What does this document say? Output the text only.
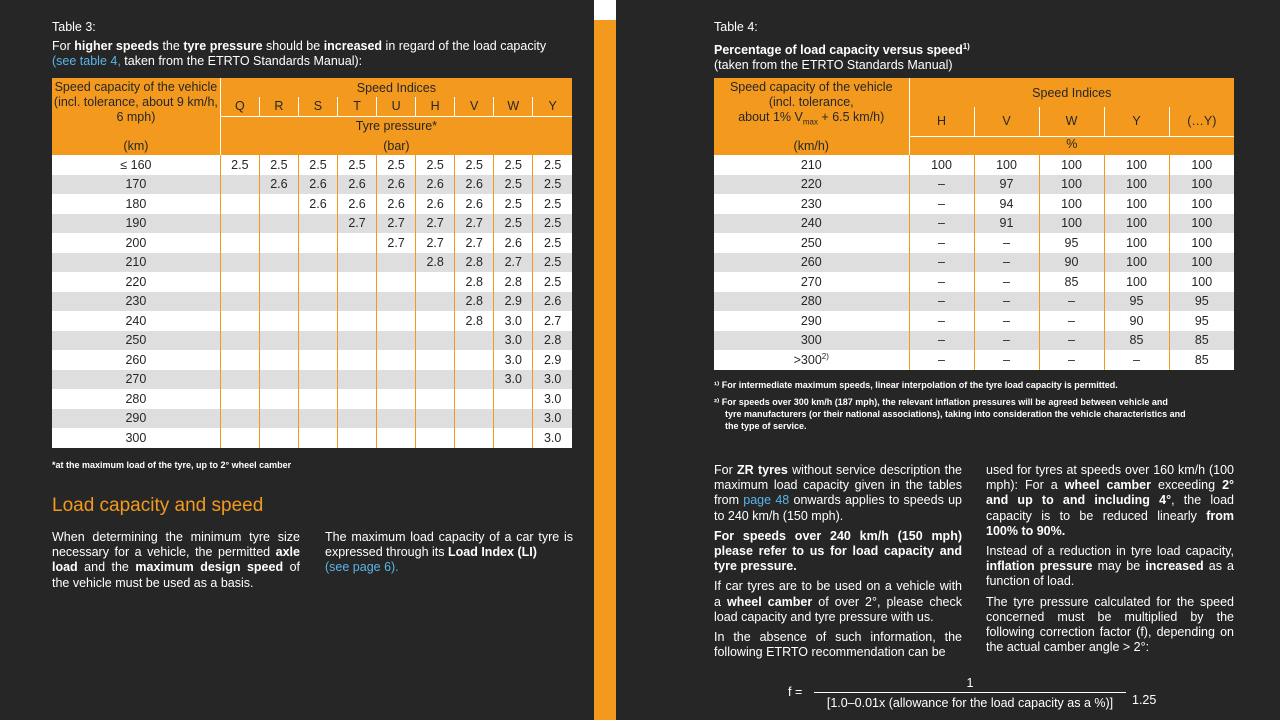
Table 3:
For higher speeds the tyre pressure should be increased in regard of the load capacity
(see table 4, taken from the ETRTO Standards Manual):
Speed capacity of the vehicle (incl. tolerance, about 9 km/h, 6 mph)	Speed Indices								
	Q	R	S	T	U	H	V	W	Y
	Tyre pressure*								
(km)	(bar)								
≤ 160	2.5	2.5	2.5	2.5	2.5	2.5	2.5	2.5	2.5
170		2.6	2.6	2.6	2.6	2.6	2.6	2.5	2.5
180			2.6	2.6	2.6	2.6	2.6	2.5	2.5
190				2.7	2.7	2.7	2.7	2.5	2.5
200					2.7	2.7	2.7	2.6	2.5
210						2.8	2.8	2.7	2.5
220							2.8	2.8	2.5
230							2.8	2.9	2.6
240							2.8	3.0	2.7
250								3.0	2.8
260								3.0	2.9
270								3.0	3.0
280									3.0
290									3.0
300									3.0
*at the maximum load of the tyre, up to 2° wheel camber
Load capacity and speed
When determining the minimum tyre size necessary for a vehicle, the permitted axle load and the maximum design speed of the vehicle must be used as a basis.
The maximum load capacity of a car tyre is expressed through its Load Index (LI)
(see page 6).
Table 4:
Percentage of load capacity versus speed$^{1)}$
(taken from the ETRTO Standards Manual)
Speed capacity of the vehicle
(incl. tolerance,
about 1% $V_{max} + 6.5$ km/h)	Speed Indices				
	H	V	W	Y	(…Y)
(km/h)	%				
210	100	100	100	100	100
220	–	97	100	100	100
230	–	94	100	100	100
240	–	91	100	100	100
250	–	–	95	100	100
260	–	–	90	100	100
270	–	–	85	100	100
280	–	–	–	95	95
290	–	–	–	90	95
300	–	–	–	85	85
$>300^{2)}$	–	–	–	–	85
¹⁾ For intermediate maximum speeds, linear interpolation of the tyre load capacity is permitted.
²⁾ For speeds over 300 km/h (187 mph), the relevant inflation pressures will be agreed between vehicle and
tyre manufacturers (or their national associations), taking into consideration the vehicle characteristics and
the type of service.

For ZR tyres without service description the maximum load capacity given in the tables from page 48 onwards applies to speeds up to 240 km/h (150 mph).

For speeds over 240 km/h (150 mph) please refer to us for load capacity and tyre pressure.

If car tyres are to be used on a vehicle with a wheel camber of over 2°, please check load capacity and tyre pressure with us.

In the absence of such information, the following ETRTO recommendation can be

used for tyres at speeds over 160 km/h (100 mph): For a wheel camber exceeding 2° and up to and including 4°, the load capacity is to be reduced linearly from 100% to 90%.

Instead of a reduction in tyre load capacity, inflation pressure may be increased as a function of load.

The tyre pressure calculated for the speed concerned must be multiplied by the following correction factor (f), depending on the actual camber angle > 2°:

f =
1
[1.0–0.01x (allowance for the load capacity as a %)]	1.25
